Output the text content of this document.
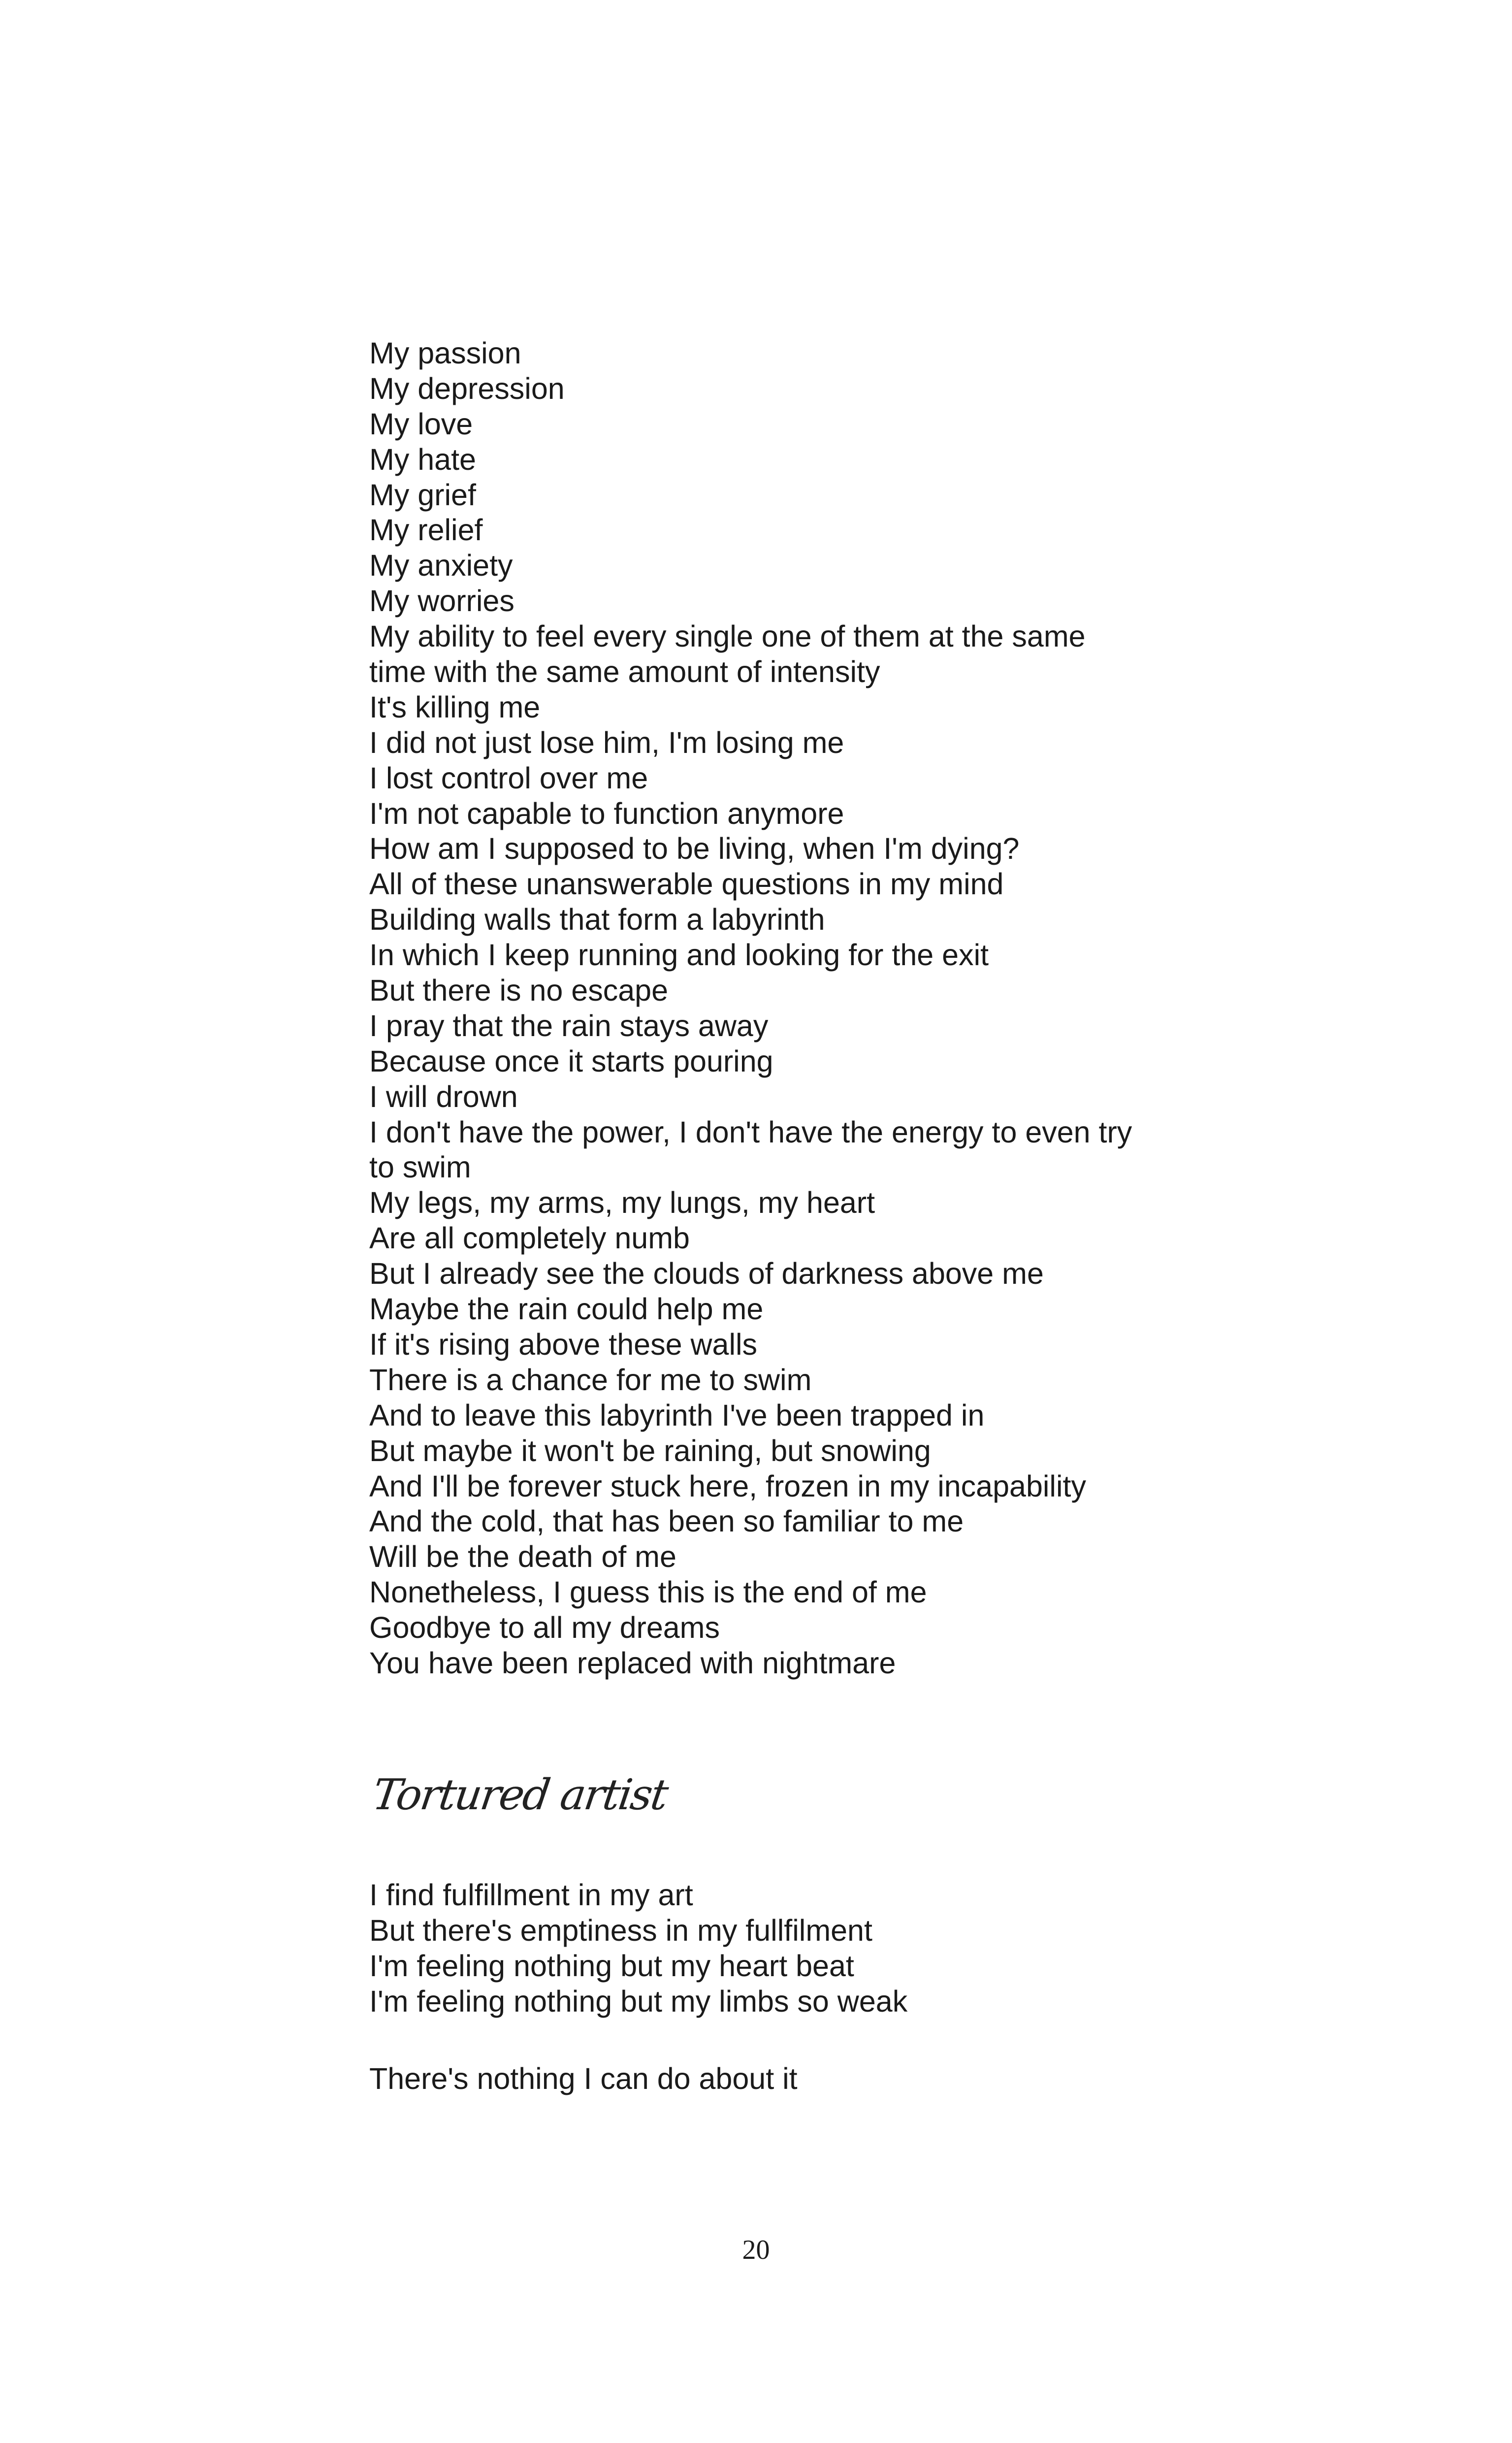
My passion
My depression
My love
My hate
My grief
My relief
My anxiety
My worries
My ability to feel every single one of them at the same
time with the same amount of intensity
It's killing me
I did not just lose him, I'm losing me
I lost control over me
I'm not capable to function anymore
How am I supposed to be living, when I'm dying?
All of these unanswerable questions in my mind
Building walls that form a labyrinth
In which I keep running and looking for the exit
But there is no escape
I pray that the rain stays away
Because once it starts pouring
I will drown
I don't have the power, I don't have the energy to even try
to swim
My legs, my arms, my lungs, my heart
Are all completely numb
But I already see the clouds of darkness above me
Maybe the rain could help me
If it's rising above these walls
There is a chance for me to swim
And to leave this labyrinth I've been trapped in
But maybe it won't be raining, but snowing
And I'll be forever stuck here, frozen in my incapability
And the cold, that has been so familiar to me
Will be the death of me
Nonetheless, I guess this is the end of me
Goodbye to all my dreams
You have been replaced with nightmare
Tortured artist
I find fulfillment in my art
But there's emptiness in my fullfilment
I'm feeling nothing but my heart beat
I'm feeling nothing but my limbs so weak
There's nothing I can do about it
20
